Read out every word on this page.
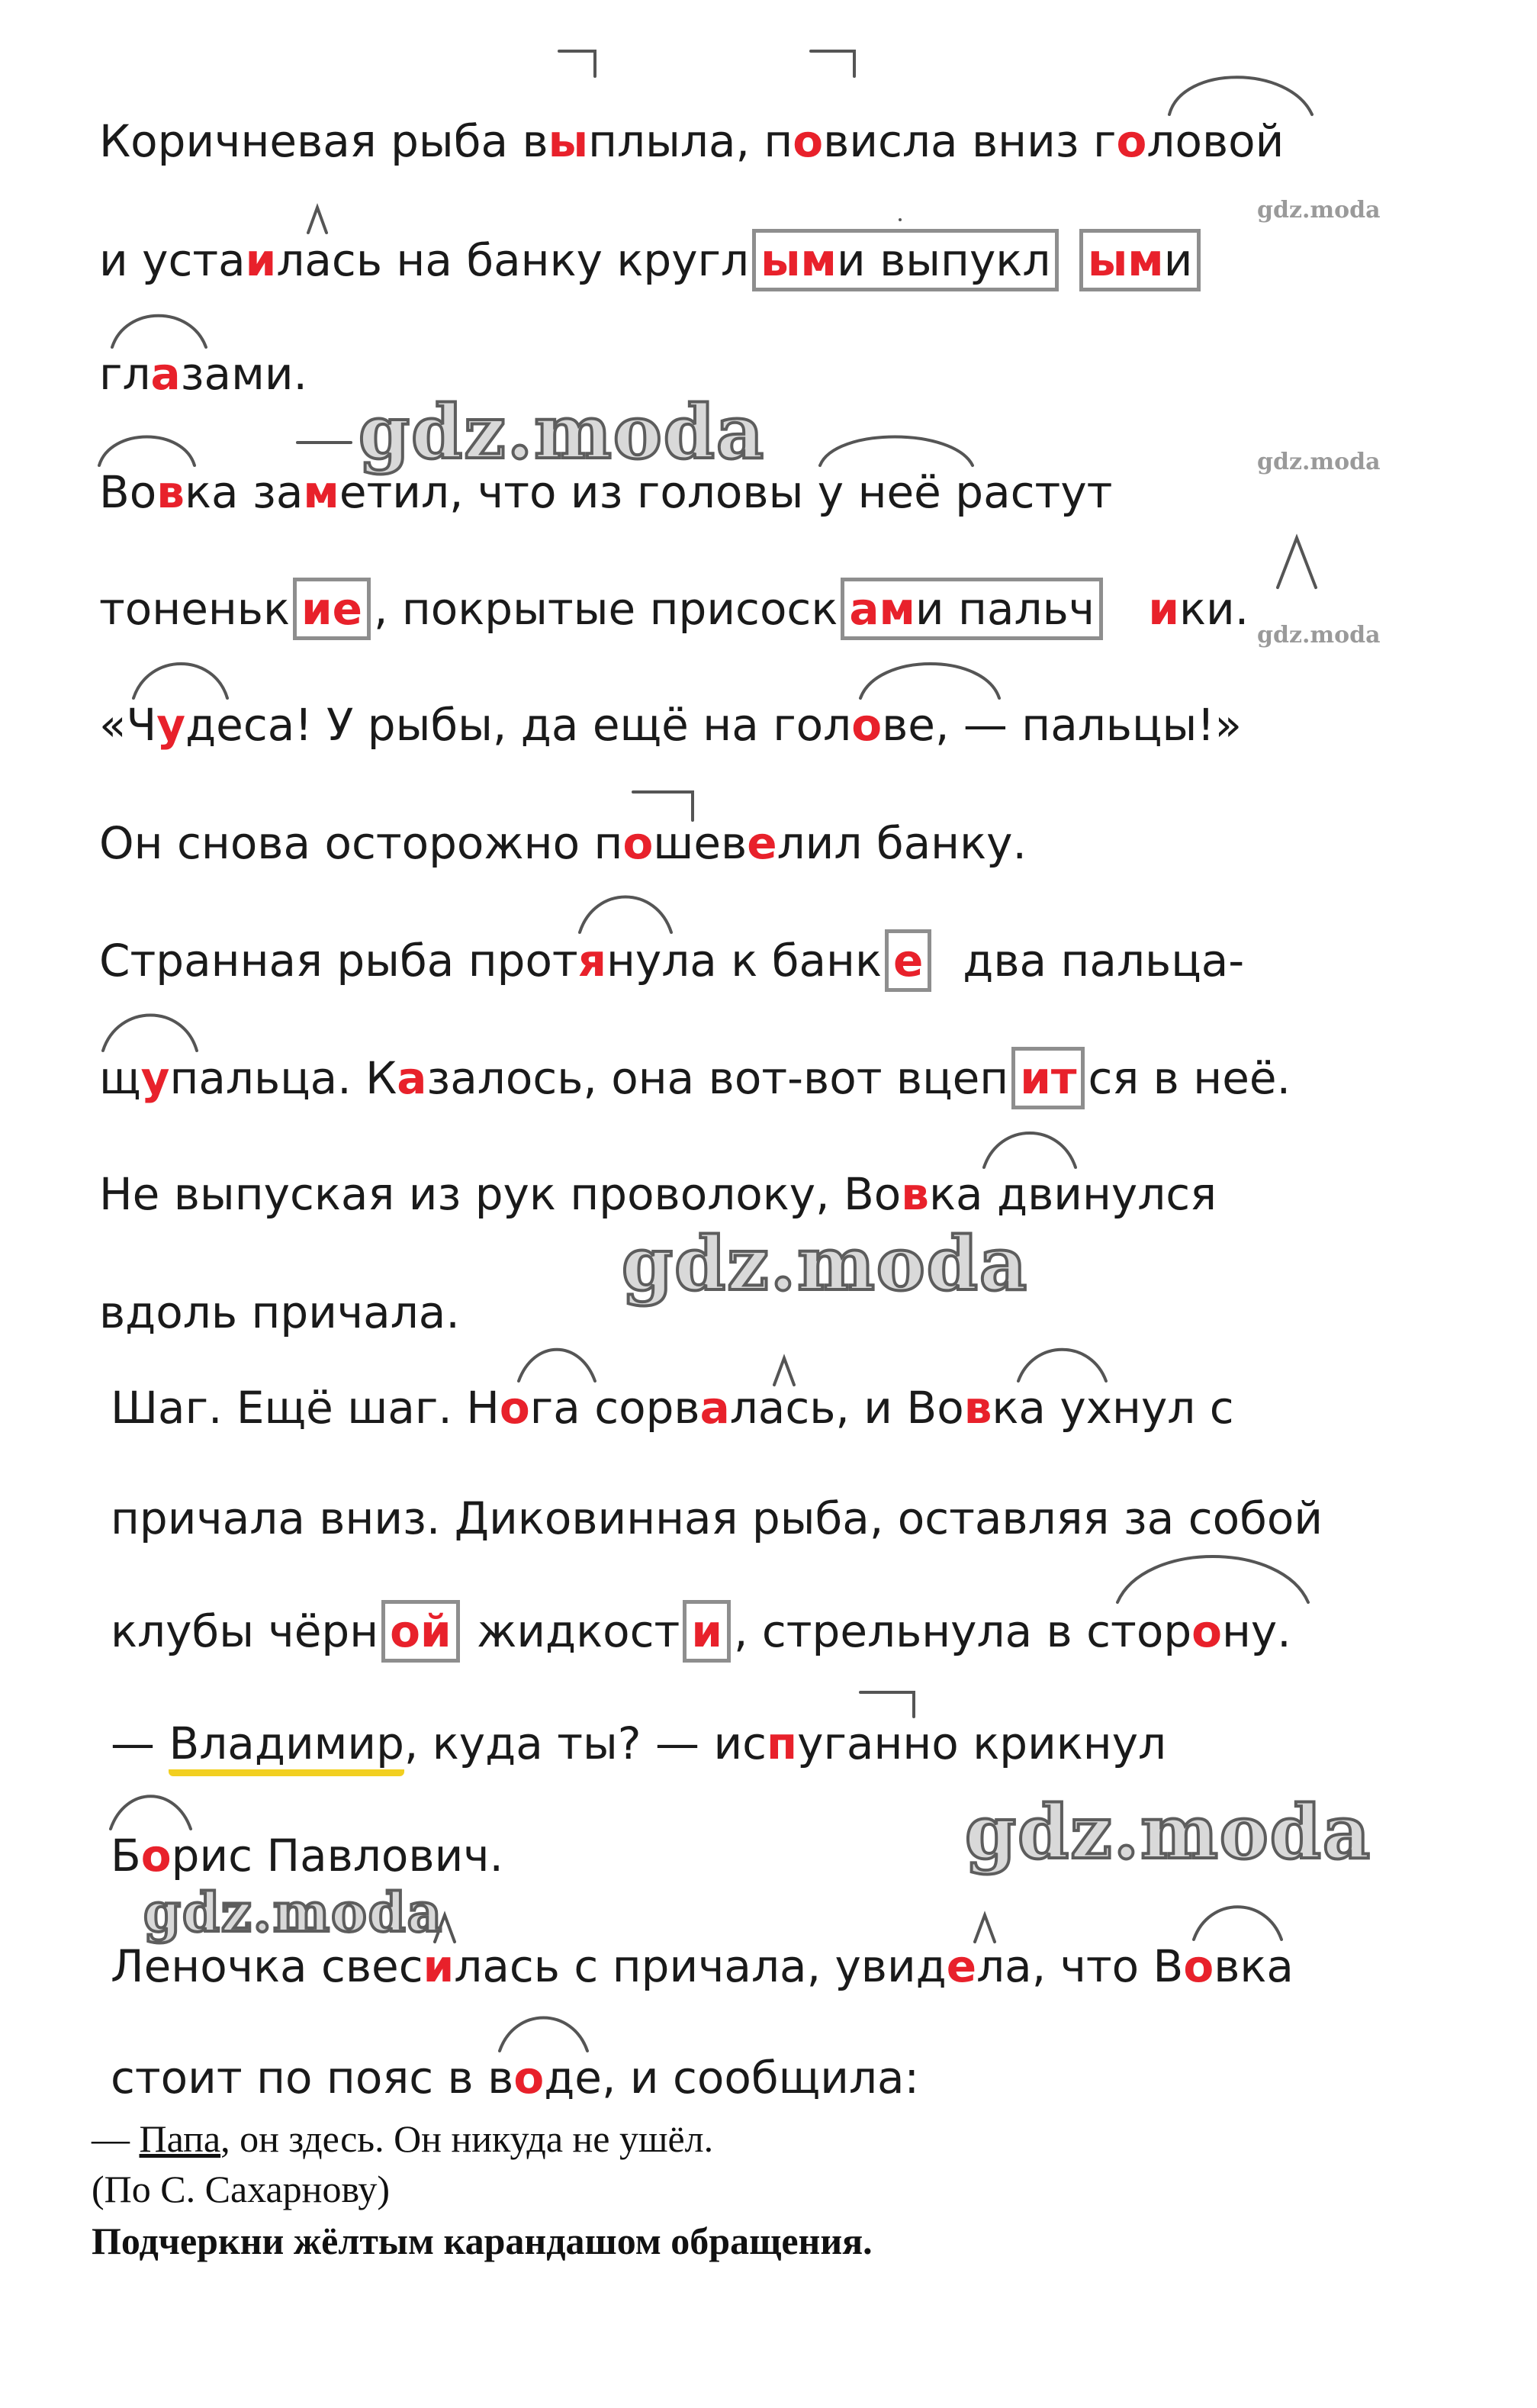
Коричневая рыба выплыла, повисла вниз головой
и устаилась на банку кругл ыми выпукл ыми
глазами.
Вовка заметил, что из головы у неё растут
тоненьк ие , покрытые присоск ами пальч ики.
«Чудеса! У рыбы, да ещё на голове, — пальцы!»
Он снова осторожно пошевелил банку.
Странная рыба протянула к банк е два пальца-
щупальца. Казалось, она вот-вот вцеп ит ся в неё.
Не выпуская из рук проволоку, Вовка двинулся
вдоль причала.
Шаг. Ещё шаг. Нога сорвалась, и Вовка ухнул с
причала вниз. Диковинная рыба, оставляя за собой
клубы чёрн ой жидкост и , стрельнула в сторону.
— Владимир, куда ты? — испуганно крикнул
Борис Павлович.
Леночка свесилась с причала, увидела, что Вовка
стоит по пояс в воде, и сообщила:
— Папа, он здесь. Он никуда не ушёл.
(По С. Сахарнову)
Подчеркни жёлтым карандашом обращения.
gdz.moda
gdz.moda
gdz.moda
gdz.moda
gdz.moda
gdz.moda
gdz.moda
